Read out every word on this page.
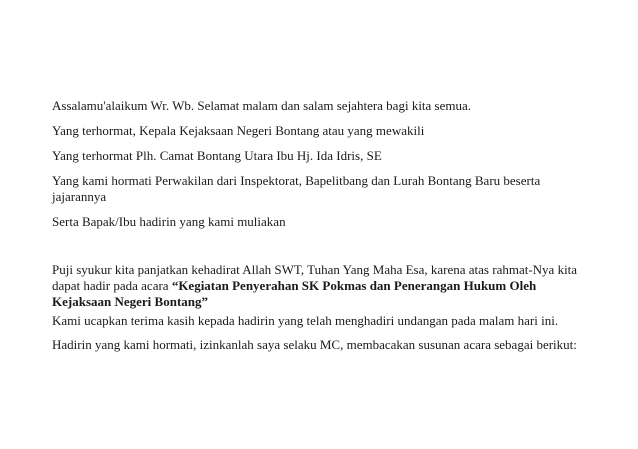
Assalamu'alaikum Wr. Wb. Selamat malam dan salam sejahtera bagi kita semua.

Yang terhormat, Kepala Kejaksaan Negeri Bontang atau yang mewakili

Yang terhormat Plh. Camat Bontang Utara Ibu Hj. Ida Idris, SE

Yang kami hormati Perwakilan dari Inspektorat, Bapelitbang dan Lurah Bontang Baru beserta jajarannya

Serta Bapak/Ibu hadirin yang kami muliakan

Puji syukur kita panjatkan kehadirat Allah SWT, Tuhan Yang Maha Esa, karena atas rahmat-Nya kita dapat hadir pada acara “Kegiatan Penyerahan SK Pokmas dan Penerangan Hukum Oleh Kejaksaan Negeri Bontang”

Kami ucapkan terima kasih kepada hadirin yang telah menghadiri undangan pada malam hari ini.

Hadirin yang kami hormati, izinkanlah saya selaku MC, membacakan susunan acara sebagai berikut:
